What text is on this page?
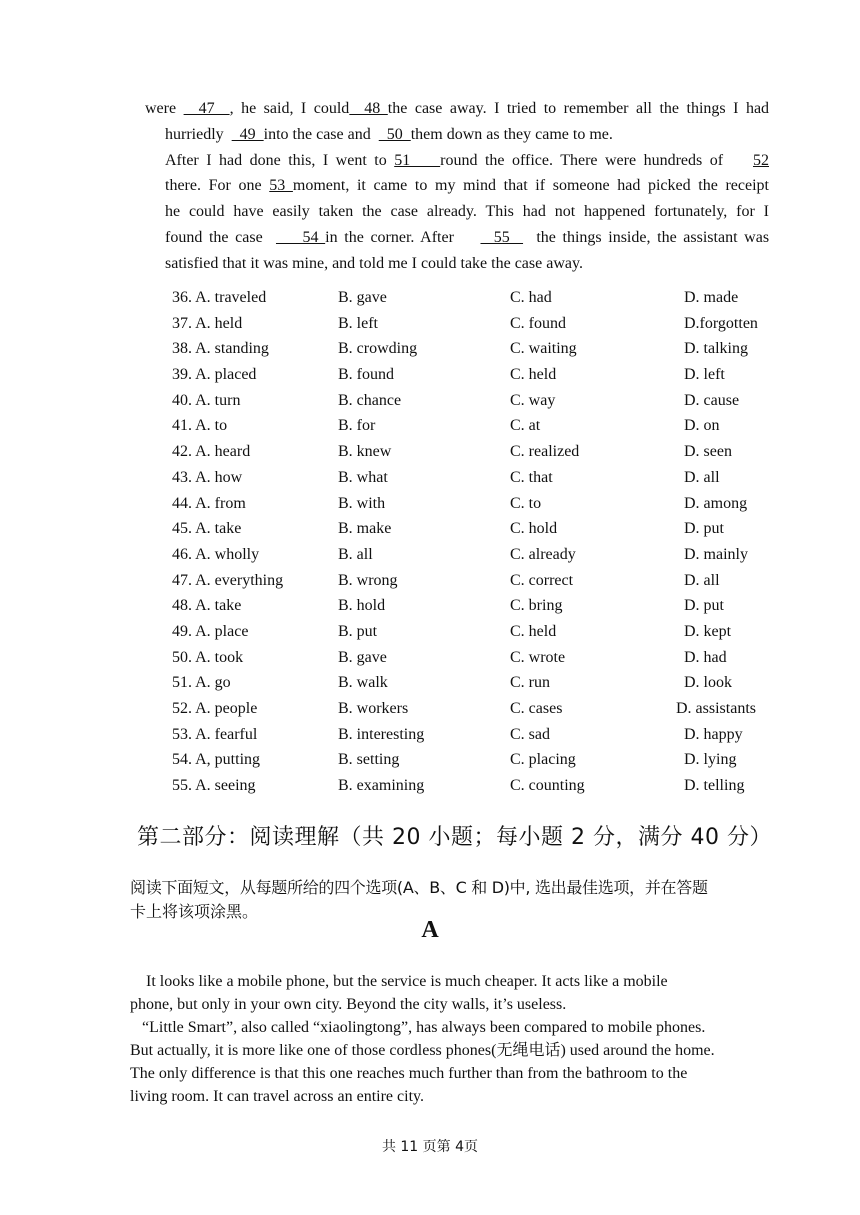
were   47  , he said, I could  48 the case away. I tried to remember all the things I had
hurriedly    49  into the case and    50  them down as they came to me.
After I had done this, I went to 51    round the office. There were hundreds of    52
there. For one 53 moment, it came to my mind that if someone had picked the receipt
he could have easily taken the case already. This had not happened fortunately, for I
found the case      54 in the corner. After      55    the things inside, the assistant was
satisfied that it was mine, and told me I could take the case away.
36. A. traveled	B. gave	C. had	D. made
37. A. held	B. left	C. found	D.forgotten
38. A. standing	B. crowding	C. waiting	D. talking
39. A. placed	B. found	C. held	D. left
40. A. turn	B. chance	C. way	D. cause
41. A. to	B. for	C. at	D. on
42. A. heard	B. knew	C. realized	D. seen
43. A. how	B. what	C. that	D. all
44. A. from	B. with	C. to	D. among
45. A. take	B. make	C. hold	D. put
46. A. wholly	B. all	C. already	D. mainly
47. A. everything	B. wrong	C. correct	D. all
48. A. take	B. hold	C. bring	D. put
49. A. place	B. put	C. held	D. kept
50. A. took	B. gave	C. wrote	D. had
51. A. go	B. walk	C. run	D. look
52. A. people	B. workers	C. cases	D. assistants
53. A. fearful	B. interesting	C. sad	D. happy
54. A, putting	B. setting	C. placing	D. lying
55. A. seeing	B. examining	C. counting	D. telling
第二部分：阅读理解（共 20 小题；每小题 2 分，满分 40 分）
阅读下面短文，从每题所给的四个选项(A、B、C 和 D)中, 选出最佳选项，并在答题
卡上将该项涂黑。
A
It looks like a mobile phone, but the service is much cheaper. It acts like a mobile
phone, but only in your own city. Beyond the city walls, it’s useless.
“Little Smart”, also called “xiaolingtong”, has always been compared to mobile phones.
But actually, it is more like one of those cordless phones(无绳电话) used around the home.
The only difference is that this one reaches much further than from the bathroom to the
living room. It can travel across an entire city.
共 11 页第 4页
